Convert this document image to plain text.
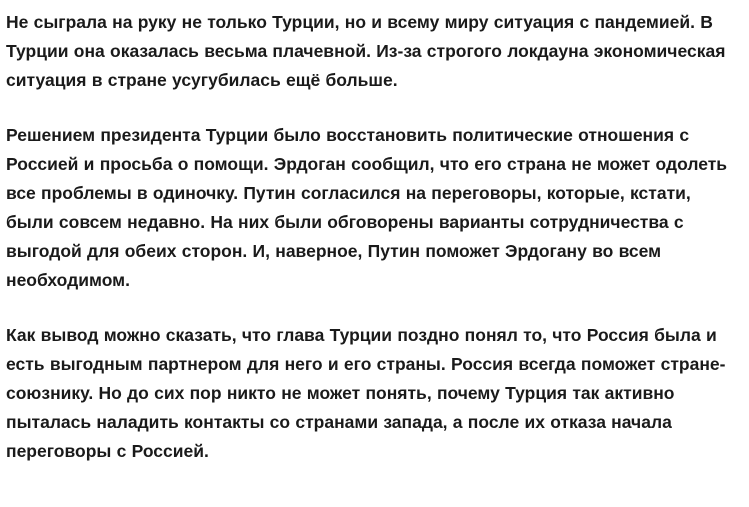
Не сыграла на руку не только Турции, но и всему миру ситуация с пандемией. В Турции она оказалась весьма плачевной. Из-за строгого локдауна экономическая ситуация в стране усугубилась ещё больше.

Решением президента Турции было восстановить политические отношения с Россией и просьба о помощи. Эрдоган сообщил, что его страна не может одолеть все проблемы в одиночку. Путин согласился на переговоры, которые, кстати, были совсем недавно. На них были обговорены варианты сотрудничества с выгодой для обеих сторон. И, наверное, Путин поможет Эрдогану во всем необходимом.

Как вывод можно сказать, что глава Турции поздно понял то, что Россия была и есть выгодным партнером для него и его страны. Россия всегда поможет стране-союзнику. Но до сих пор никто не может понять, почему Турция так активно пыталась наладить контакты со странами запада, а после их отказа начала переговоры с Россией.
